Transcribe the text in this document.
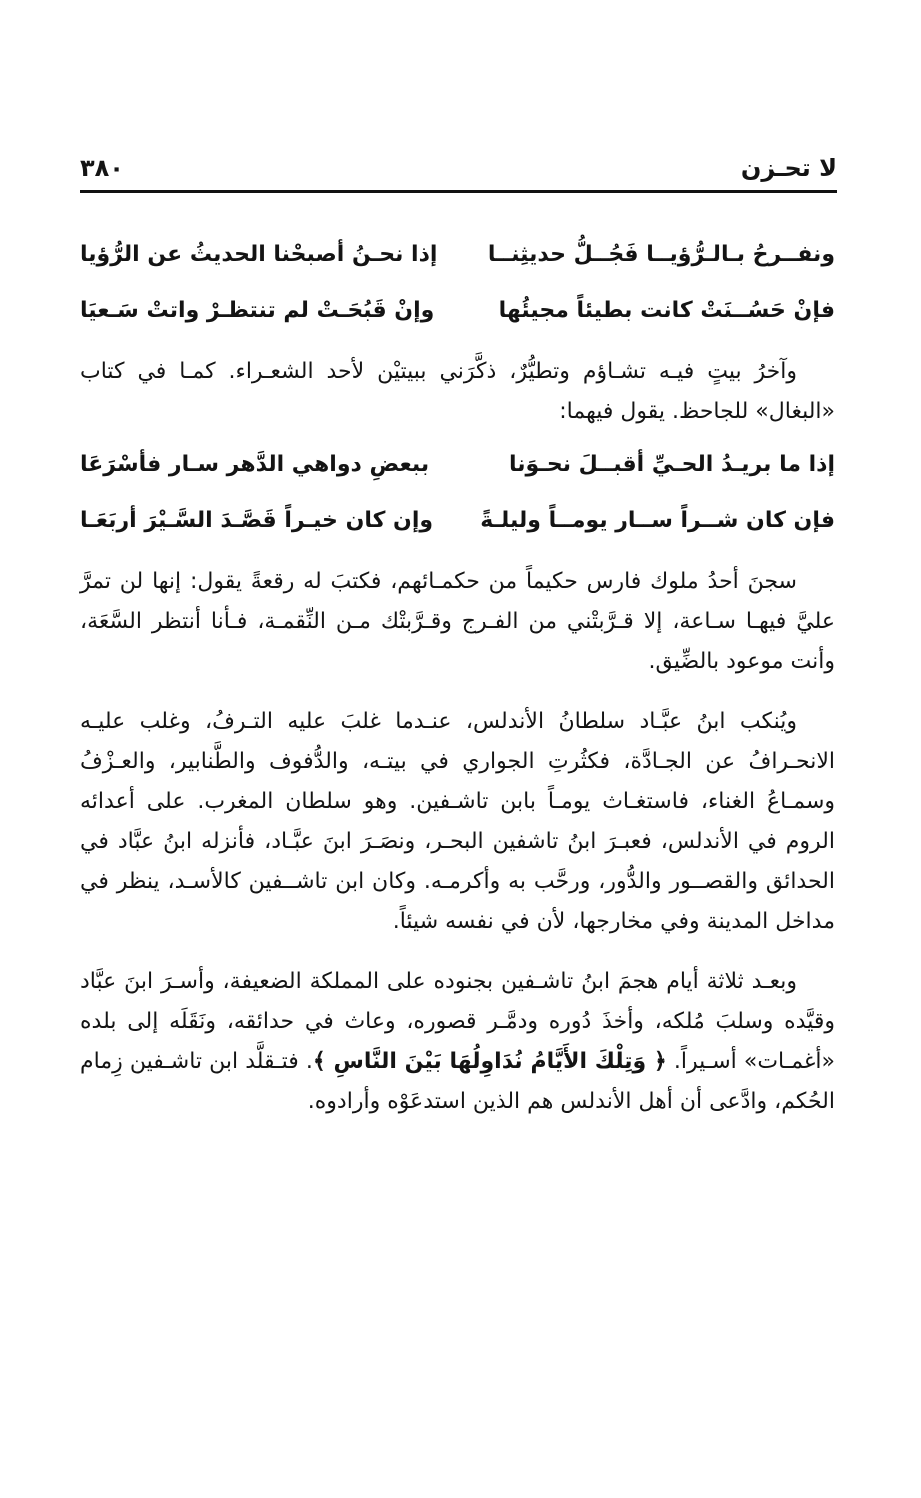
٣٨٠	لا تحـزن
ونفــرحُ بـالـرُّؤيــا فَجُــلُّ حديثِنــا
إذا نحـنُ أصبحْنا الحديثُ عن الرُّؤيا
فإنْ حَسُــنَتْ كانت بطيئاً مجيئُها
وإنْ قَبُحَـتْ لم تنتظـرْ واتتْ سَـعيَا

وآخرُ بيتٍ فيـه تشـاؤم وتطيُّرٌ، ذكَّرَني ببيتيْن لأحد الشعـراء. كمـا في كتاب «البغال» للجاحظ. يقول فيهما:

إذا ما بريـدُ الحـيِّ أقبــلَ نحـوَنا
ببعضِ دواهي الدَّهر سـار فأسْرَعَا
فإن كان شــراً ســار يومــاً وليلـةً
وإن كان خيـراً قَصَّـدَ السَّـيْرَ أربَعَـا

سجنَ أحدُ ملوك فارس حكيماً من حكمـائهم، فكتبَ له رقعةً يقول: إنها لن تمرَّ عليَّ فيهـا سـاعة، إلا قـرَّبتْني من الفـرج وقـرَّبتْك مـن النِّقمـة، فـأنا أنتظر السَّعَة، وأنت موعود بالضِّيق.

ويُنكب ابنُ عبَّـاد سلطانُ الأندلس، عنـدما غلبَ عليه التـرفُ، وغلب عليـه الانحـرافُ عن الجـادَّة، فكثُرتِ الجواري في بيتـه، والدُّفوف والطَّنابير، والعـزْفُ وسمـاعُ الغناء، فاستغـاث يومـاً بابن تاشـفين. وهو سلطان المغرب. على أعدائه الروم في الأندلس، فعبـرَ ابنُ تاشفين البحـر، ونصَـرَ ابنَ عبَّـاد، فأنزله ابنُ عبَّاد في الحدائق والقصــور والدُّور، ورحَّب به وأكرمـه. وكان ابن تاشــفين كالأسـد، ينظر في مداخل المدينة وفي مخارجها، لأن في نفسه شيئاً.

وبعـد ثلاثة أيام هجمَ ابنُ تاشـفين بجنوده على المملكة الضعيفة، وأسـرَ ابنَ عبَّاد وقيَّده وسلبَ مُلكه، وأخذَ دُوره ودمَّـر قصوره، وعاث في حدائقه، ونَقَلَه إلى بلده «أغمـات» أسـيراً. ﴿ وَتِلْكَ الأَيَّامُ نُدَاوِلُهَا بَيْنَ النَّاسِ ﴾. فتـقلَّد ابن تاشـفين زِمام الحُكم، وادَّعى أن أهل الأندلس هم الذين استدعَوْه وأرادوه.
